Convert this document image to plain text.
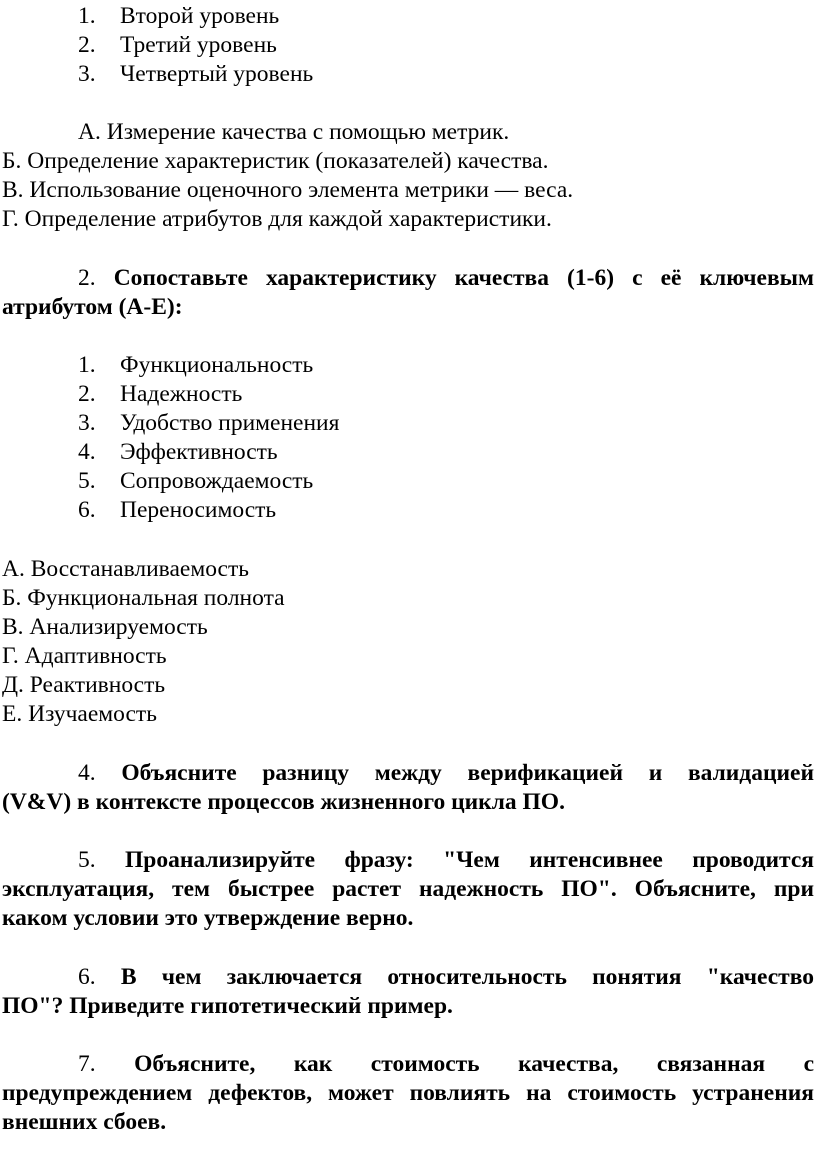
1. Второй уровень
2. Третий уровень
3. Четвертый уровень
А. Измерение качества с помощью метрик.
Б. Определение характеристик (показателей) качества.
В. Использование оценочного элемента метрики — веса.
Г. Определение атрибутов для каждой характеристики.
2. Сопоставьте характеристику качества (1-6) с её ключевым
атрибутом (А-Е):
1. Функциональность
2. Надежность
3. Удобство применения
4. Эффективность
5. Сопровождаемость
6. Переносимость
А. Восстанавливаемость
Б. Функциональная полнота
В. Анализируемость
Г. Адаптивность
Д. Реактивность
Е. Изучаемость
4. Объясните разницу между верификацией и валидацией
(V&V) в контексте процессов жизненного цикла ПО.
5. Проанализируйте фразу: "Чем интенсивнее проводится
эксплуатация, тем быстрее растет надежность ПО". Объясните, при
каком условии это утверждение верно.
6. В чем заключается относительность понятия "качество
ПО"? Приведите гипотетический пример.
7. Объясните, как стоимость качества, связанная с
предупреждением дефектов, может повлиять на стоимость устранения
внешних сбоев.
